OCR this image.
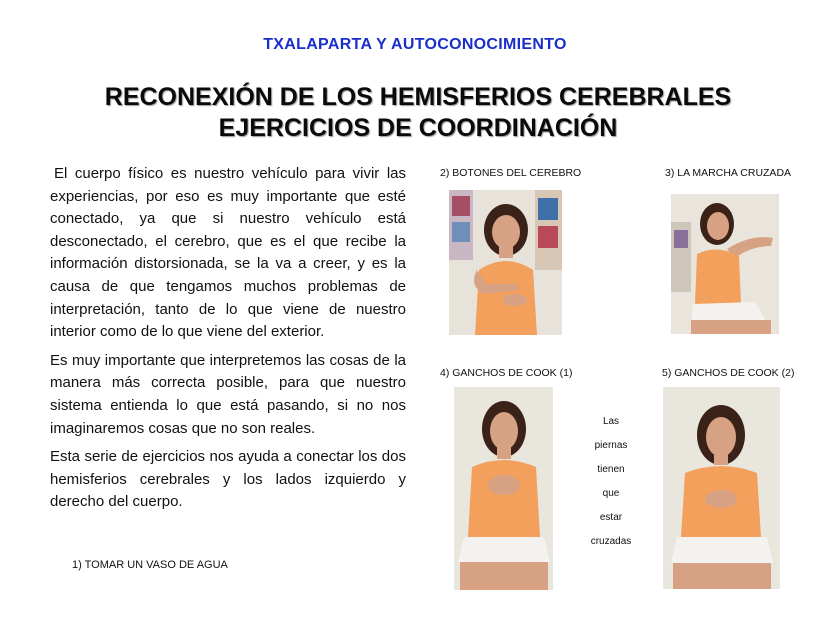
TXALAPARTA Y AUTOCONOCIMIENTO
RECONEXIÓN DE LOS HEMISFERIOS CEREBRALES
EJERCICIOS DE COORDINACIÓN

El cuerpo físico es nuestro vehículo para vivir las experiencias, por eso es muy importante que esté conectado, ya que si nuestro vehículo está desconectado, el cerebro, que es el que recibe la información distorsionada, se la va a creer, y es la causa de que tengamos muchos problemas de interpretación, tanto de lo que viene de nuestro interior como de lo que viene del exterior.

Es muy importante que interpretemos las cosas de la manera más correcta posible, para que nuestro sistema entienda lo que está pasando, si no nos imaginaremos cosas que no son reales.

Esta serie de ejercicios nos ayuda a conectar los dos hemisferios cerebrales y los lados izquierdo y derecho del cuerpo.

1) TOMAR UN VASO DE AGUA
2) BOTONES DEL CEREBRO	3) LA MARCHA CRUZADA
4) GANCHOS DE COOK (1)	5) GANCHOS DE COOK (2)
Las
piernas
tienen
que
estar
cruzadas
